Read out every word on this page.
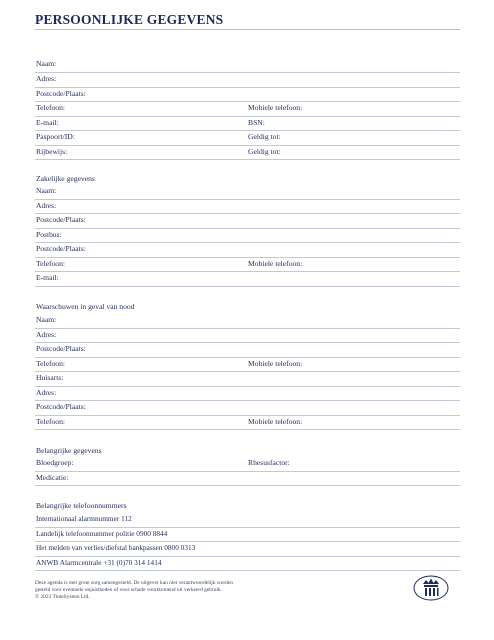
PERSOONLIJKE GEGEVENS
Naam:
Adres:
Postcode/Plaats:
Telefoon:	Mobiele telefoon:
E-mail:	BSN:
Paspoort/ID:	Geldig tot:
Rijbewijs:	Geldig tot:
Zakelijke gegevens
Naam:
Adres:
Postcode/Plaats:
Postbus:
Postcode/Plaats:
Telefoon:	Mobiele telefoon:
E-mail:
Waarschuwen in geval van nood
Naam:
Adres:
Postcode/Plaats:
Telefoon:	Mobiele telefoon:
Huisarts:
Adres:
Postcode/Plaats:
Telefoon:	Mobiele telefoon:
Belangrijke gegevens
Bloedgroep:	Rhesusfactor:
Medicatie:
Belangrijke telefoonnummers
Internationaal alarmnummer 112
Landelijk telefoonnummer politie 0900 8844
Het melden van verlies/diefstal bankpassen 0800 0313
ANWB Alarmcentrale +31 (0)70 314 1414
Deze agenda is met grote zorg samengesteld. De uitgever kan niet verantwoordelijk worden
gesteld voor eventuele onjuistheden of voor schade voortkomend uit verkeerd gebruik.
© 2023 TimeSystem Ltd.
